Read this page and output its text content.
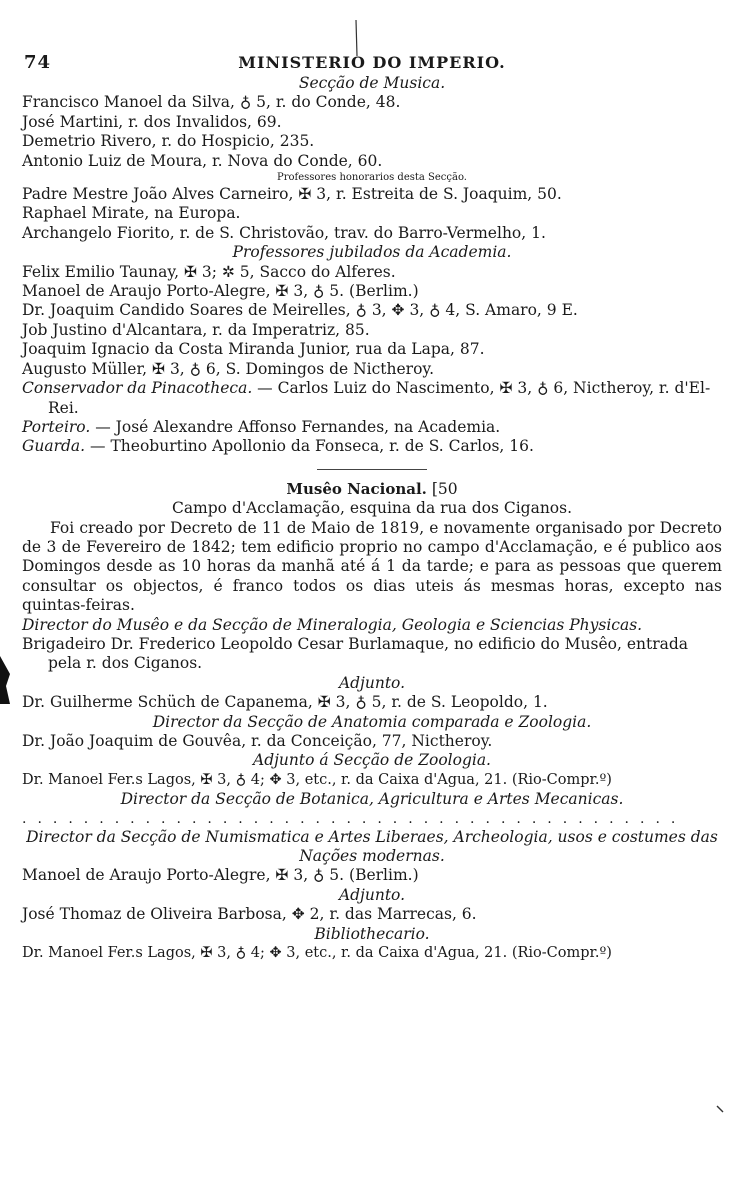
74	MINISTERIO DO IMPERIO.

Secção de Musica.

Francisco Manoel da Silva, ♁ 5, r. do Conde, 48.

José Martini, r. dos Invalidos, 69.

Demetrio Rivero, r. do Hospicio, 235.

Antonio Luiz de Moura, r. Nova do Conde, 60.

Professores honorarios desta Secção.

Padre Mestre João Alves Carneiro, ✠ 3, r. Estreita de S. Joaquim, 50.

Raphael Mirate, na Europa.

Archangelo Fiorito, r. de S. Christovão, trav. do Barro-Vermelho, 1.

Professores jubilados da Academia.

Felix Emilio Taunay, ✠ 3; ✲ 5, Sacco do Alferes.

Manoel de Araujo Porto-Alegre, ✠ 3, ♁ 5. (Berlim.)

Dr. Joaquim Candido Soares de Meirelles, ♁ 3, ✥ 3, ♁ 4, S. Amaro, 9 E.

Job Justino d'Alcantara, r. da Imperatriz, 85.

Joaquim Ignacio da Costa Miranda Junior, rua da Lapa, 87.

Augusto Müller, ✠ 3, ♁ 6, S. Domingos de Nictheroy.

Conservador da Pinacotheca. — Carlos Luiz do Nascimento, ✠ 3, ♁ 6, Nictheroy, r. d'El-Rei.

Porteiro. — José Alexandre Affonso Fernandes, na Academia.

Guarda. — Theoburtino Apollonio da Fonseca, r. de S. Carlos, 16.

Musêo Nacional. [50

Campo d'Acclamação, esquina da rua dos Ciganos.

Foi creado por Decreto de 11 de Maio de 1819, e novamente organisado por Decreto de 3 de Fevereiro de 1842; tem edificio proprio no campo d'Acclamação, e é publico aos Domingos desde as 10 horas da manhã até á 1 da tarde; e para as pessoas que querem consultar os objectos, é franco todos os dias uteis ás mesmas horas, excepto nas quintas-feiras.

Director do Musêo e da Secção de Mineralogia, Geologia e Sciencias Physicas.

Brigadeiro Dr. Frederico Leopoldo Cesar Burlamaque, no edificio do Musêo, entrada pela r. dos Ciganos.

Adjunto.

Dr. Guilherme Schüch de Capanema, ✠ 3, ♁ 5, r. de S. Leopoldo, 1.

Director da Secção de Anatomia comparada e Zoologia.

Dr. João Joaquim de Gouvêa, r. da Conceição, 77, Nictheroy.

Adjunto á Secção de Zoologia.

Dr. Manoel Fer.s Lagos, ✠ 3, ♁ 4; ✥ 3, etc., r. da Caixa d'Agua, 21. (Rio-Compr.º)

Director da Secção de Botanica, Agricultura e Artes Mecanicas.

...........................................

Director da Secção de Numismatica e Artes Liberaes, Archeologia, usos e costumes das Nações modernas.

Manoel de Araujo Porto-Alegre, ✠ 3, ♁ 5. (Berlim.)

Adjunto.

José Thomaz de Oliveira Barbosa, ✥ 2, r. das Marrecas, 6.

Bibliothecario.

Dr. Manoel Fer.s Lagos, ✠ 3, ♁ 4; ✥ 3, etc., r. da Caixa d'Agua, 21. (Rio-Compr.º)
